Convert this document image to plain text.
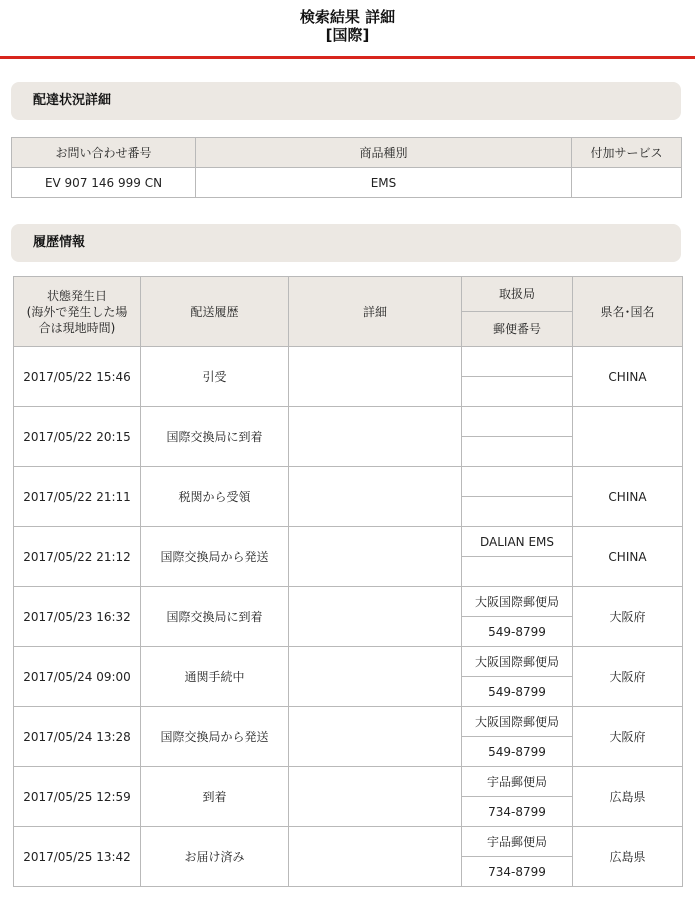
検索結果 詳細
[国際]
配達状況詳細
お問い合わせ番号	商品種別	付加サービス
EV 907 146 999 CN	EMS	
履歴情報
状態発生日
(海外で発生した場合は現地時間)	配送履歴	詳細	取扱局	県名･国名
			郵便番号	
2017/05/22 15:46	引受			CHINA

2017/05/22 20:15	国際交換局に到着			

2017/05/22 21:11	税関から受領			CHINA

2017/05/22 21:12	国際交換局から発送		DALIAN EMS	CHINA

2017/05/23 16:32	国際交換局に到着		大阪国際郵便局	大阪府
			549-8799	
2017/05/24 09:00	通関手続中		大阪国際郵便局	大阪府
			549-8799	
2017/05/24 13:28	国際交換局から発送		大阪国際郵便局	大阪府
			549-8799	
2017/05/25 12:59	到着		宇品郵便局	広島県
			734-8799	
2017/05/25 13:42	お届け済み		宇品郵便局	広島県
			734-8799	
